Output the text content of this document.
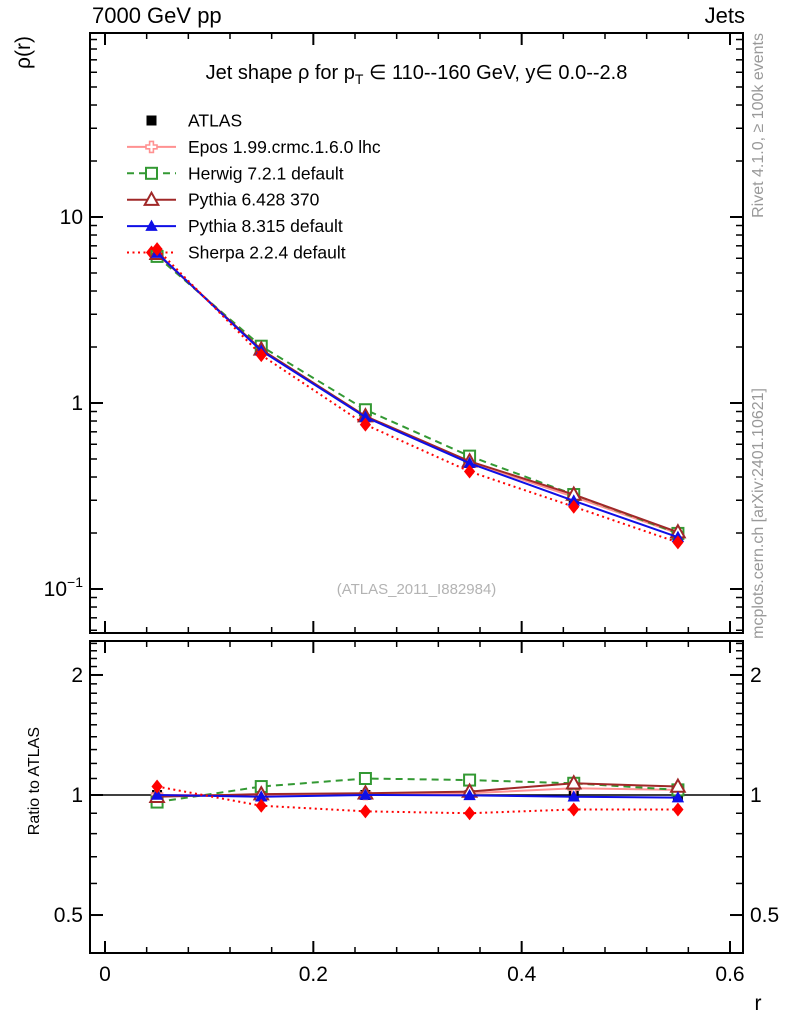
0	0.2	0.4	0.6
10
1
$10^{-1}$
2	2
1	1
0.5	0.5
ATLAS
Epos 1.99.crmc.1.6.0 lhc
Herwig 7.2.1 default
Pythia 6.428 370
Pythia 8.315 default
Sherpa 2.2.4 default
7000 GeV pp	Jets
Jet shape ρ for $p_T$ ∈ 110--160 GeV, y∈ 0.0--2.8
ρ(r)
Ratio to ATLAS
Rivet 4.1.0, ≥ 100k events
mcplots.cern.ch [arXiv:2401.10621]
(ATLAS_2011_I882984)
r
